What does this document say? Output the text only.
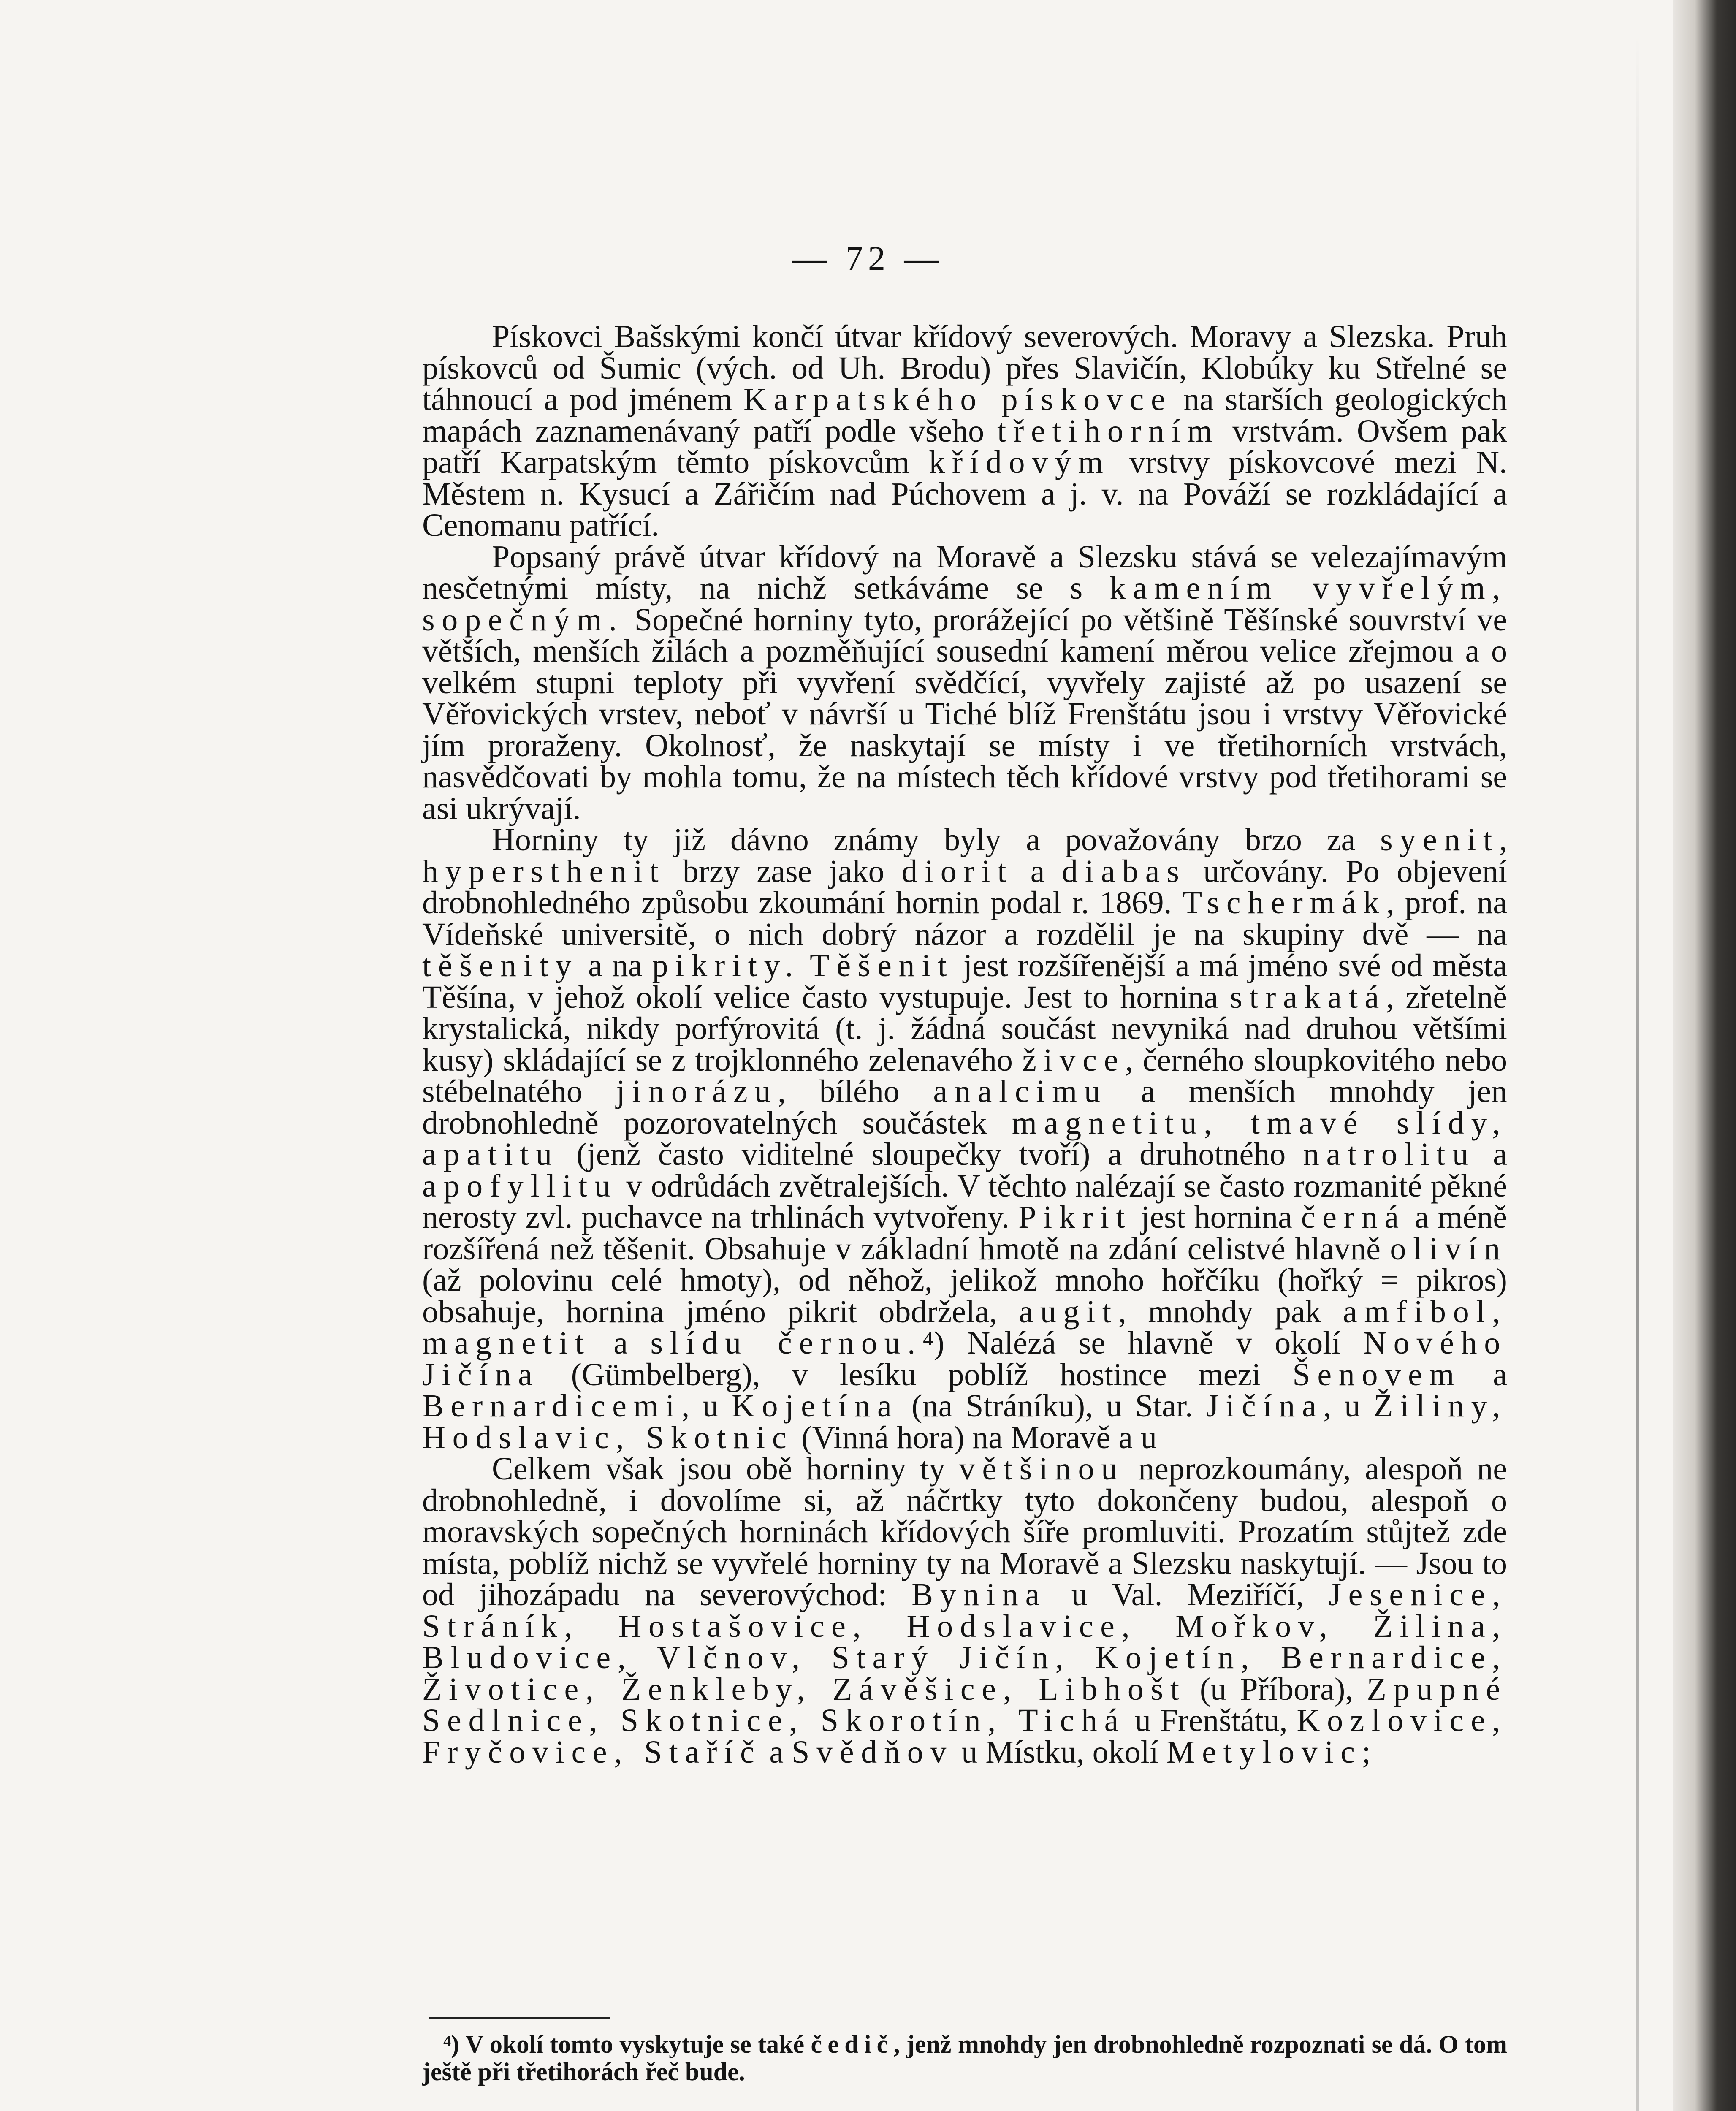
— 72 —

Pískovci Bašskými končí útvar křídový severových. Moravy a Slezska. Pruh pískovců od Šumic (vých. od Uh. Brodu) přes Slavičín, Klobúky ku Střelné se táhnoucí a pod jménem Karpatského pískovce na starších geologických mapách zaznamenávaný patří podle všeho třetihorním vrstvám. Ovšem pak patří Karpatským těmto pískovcům křídovým vrstvy pískovcové mezi N. Městem n. Kysucí a Zářičím nad Púchovem a j. v. na Pováží se rozkládající a Cenomanu patřící.

Popsaný právě útvar křídový na Moravě a Slezsku stává se velezajímavým nesčetnými místy, na nichž setkáváme se s kamením vyvřelým, sopečným. Sopečné horniny tyto, prorážející po většině Těšínské souvrství ve větších, menších žilách a pozměňující sousední kamení měrou velice zřejmou a o velkém stupni teploty při vyvření svědčící, vyvřely zajisté až po usazení se Věřovických vrstev, neboť v návrší u Tiché blíž Frenštátu jsou i vrstvy Věřovické jím proraženy. Okolnosť, že naskytají se místy i ve třetihorních vrstvách, nasvědčovati by mohla tomu, že na místech těch křídové vrstvy pod třetihorami se asi ukrývají.

Horniny ty již dávno známy byly a považovány brzo za syenit, hypersthenit brzy zase jako diorit a diabas určovány. Po objevení drobnohledného způsobu zkoumání hornin podal r. 1869. Tschermák, prof. na Vídeňské universitě, o nich dobrý názor a rozdělil je na skupiny dvě — na těšenity a na pikrity. Těšenit jest rozšířenější a má jméno své od města Těšína, v jehož okolí velice často vystupuje. Jest to hornina strakatá, zřetelně krystalická, nikdy porfýrovitá (t. j. žádná součást nevyniká nad druhou většími kusy) skládající se z trojklonného zelenavého živce, černého sloupkovitého nebo stébelnatého jinorázu, bílého analcimu a menších mnohdy jen drobnohledně pozorovatelných součástek magnetitu, tmavé slídy, apatitu (jenž často viditelné sloupečky tvoří) a druhotného natrolitu a apofyllitu v odrůdách zvětralejších. V těchto nalézají se často rozmanité pěkné nerosty zvl. puchavce na trhlinách vytvořeny. Pikrit jest hornina černá a méně rozšířená než těšenit. Obsahuje v základní hmotě na zdání celistvé hlavně olivín (až polovinu celé hmoty), od něhož, jelikož mnoho hořčíku (hořký = pikros) obsahuje, hornina jméno pikrit obdržela, augit, mnohdy pak amfibol, magnetit a slídu černou.⁴) Nalézá se hlavně v okolí Nového Jičína (Gümbelberg), v lesíku poblíž hostince mezi Šenovem a Bernardicemi, u Kojetína (na Stráníku), u Star. Jičína, u Žiliny, Hodslavic, Skotnic (Vinná hora) na Moravě a u

Celkem však jsou obě horniny ty většinou neprozkoumány, alespoň ne drobnohledně, i dovolíme si, až náčrtky tyto dokončeny budou, alespoň o moravských sopečných horninách křídových šíře promluviti. Prozatím stůjtež zde místa, poblíž nichž se vyvřelé horniny ty na Moravě a Slezsku naskytují. — Jsou to od jihozápadu na severovýchod: Bynina u Val. Meziříčí, Jesenice, Stráník, Hostašovice, Hodslavice, Mořkov, Žilina, Bludovice, Vlčnov, Starý Jičín, Kojetín, Bernardice, Životice, Ženkleby, Závěšice, Libhošt (u Příbora), Zpupné Sedlnice, Skotnice, Skorotín, Tichá u Frenštátu, Kozlovice, Fryčovice, Staříč a Svědňov u Místku, okolí Metylovic;

⁴) V okolí tomto vyskytuje se také čedič, jenž mnohdy jen drobnohledně rozpoznati se dá. O tom ještě při třetihorách řeč bude.
